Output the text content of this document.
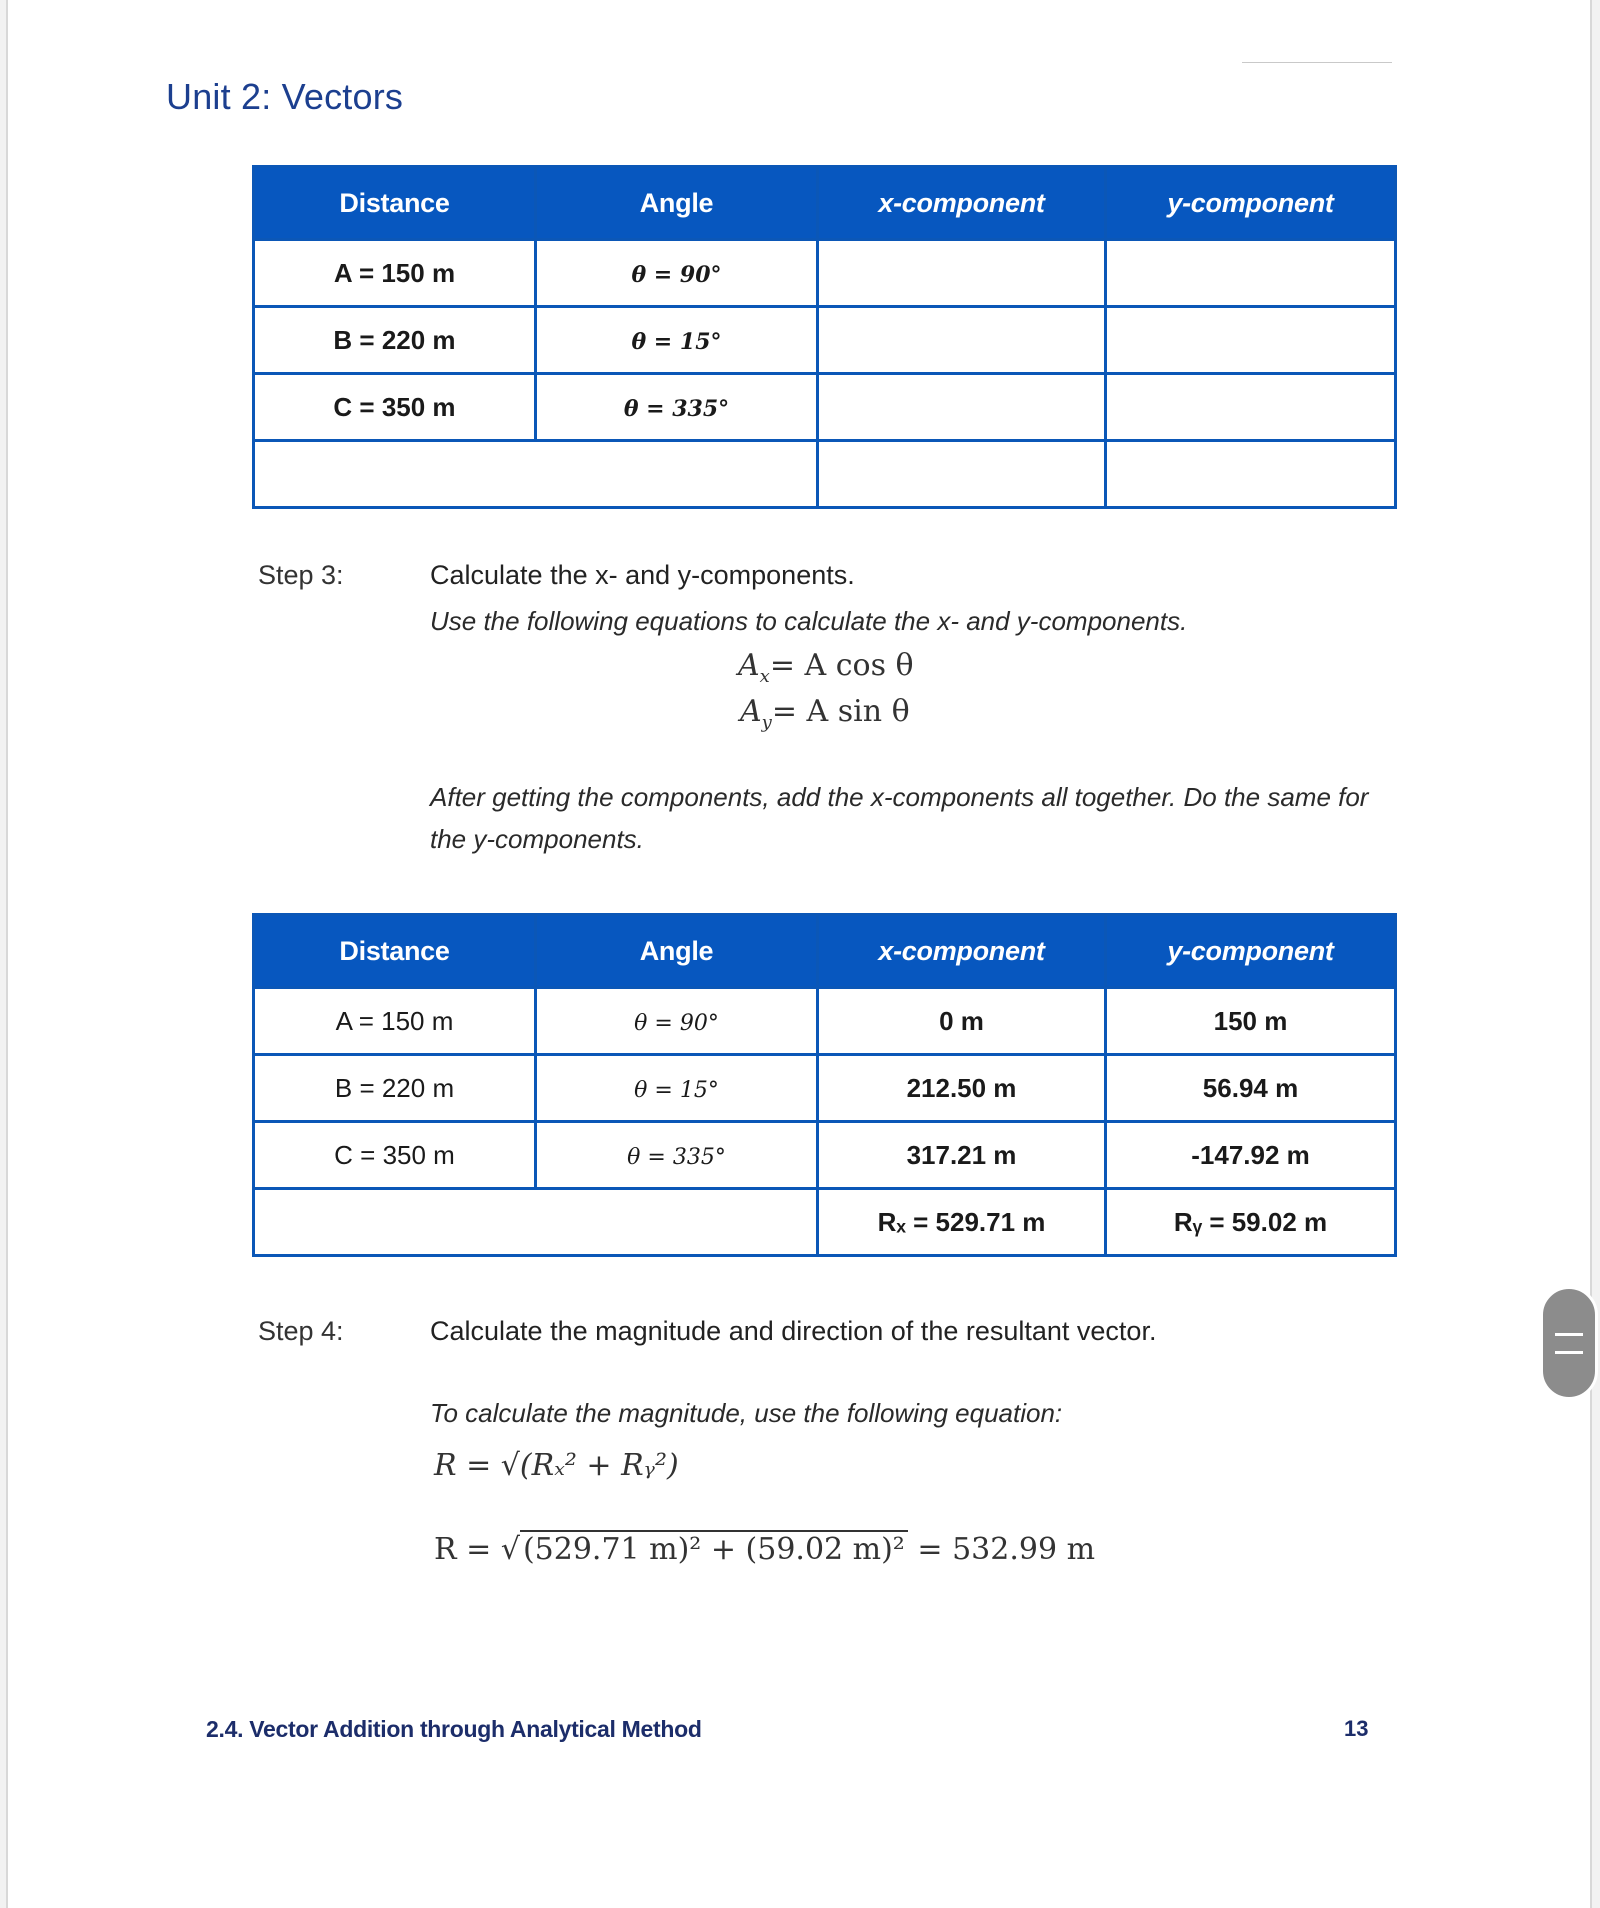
Unit 2: Vectors
Distance	Angle	x-component	y-component
A = 150 m	θ = 90°		
B = 220 m	θ = 15°		
C = 350 m	θ = 335°		

Step 3:	Calculate the x- and y-components.
Use the following equations to calculate the x- and y-components.
$A_x= A$ cos θ
$A_y= A$ sin θ
After getting the components, add the x-components all together. Do the same for
the y-components.
Distance	Angle	x-component	y-component
A = 150 m	θ = 90°	0 m	150 m
B = 220 m	θ = 15°	212.50 m	56.94 m
C = 350 m	θ = 335°	317.21 m	-147.92 m
		Rₓ = 529.71 m	Rᵧ = 59.02 m
Step 4:	Calculate the magnitude and direction of the resultant vector.
To calculate the magnitude, use the following equation:
R = √(Rₓ² + Rᵧ²)
R = √ (529.71 m)² + (59.02 m)² = 532.99 m
2.4. Vector Addition through Analytical Method	13
